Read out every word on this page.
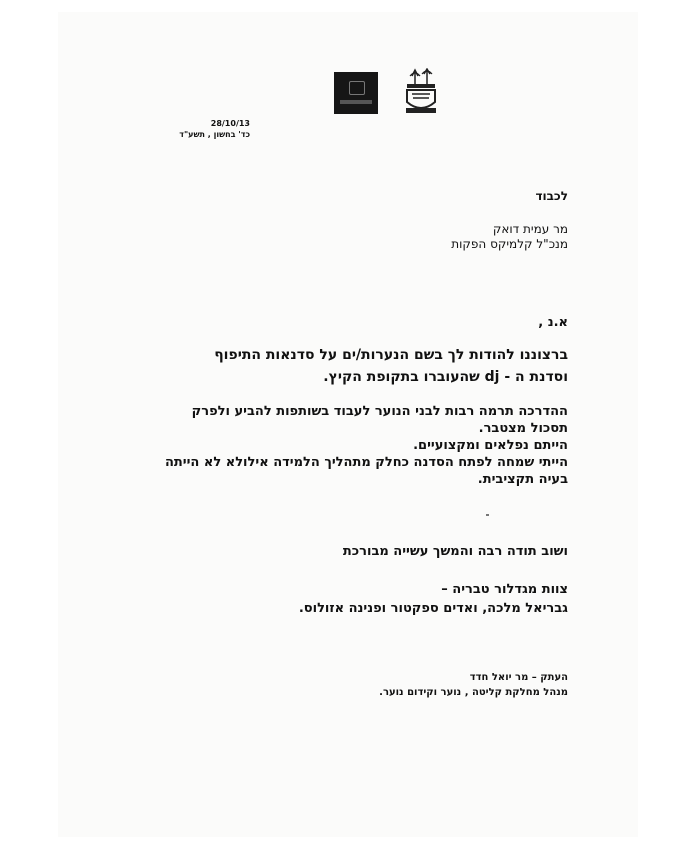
28/10/13
כד' בחשון , תשע"ד
לכבוד
מר עמית דואק
מנכ"ל קלמיקס הפקות
א.נ ,
ברצוננו להודות לך בשם הנערות/ים על סדנאות התיפוף
וסדנת ה - dj שהעוברו בתקופת הקיץ.
ההדרכה תרמה רבות לבני הנוער לעבוד בשותפות להביע ולפרק
תסכול מצטבר.
הייתם נפלאים ומקצועיים.
הייתי שמחה לפתח הסדנה כחלק מתהליך הלמידה אילולא לא הייתה
בעיה תקציבית.
ושוב תודה רבה והמשך עשייה מבורכת
צוות מגדלור טבריה –
גבריאל מלכה, ואדים ספקטור ופנינה אזולוס.
העתק – מר יואל חדד
מנהל מחלקת קליטה , נוער וקידום נוער.
